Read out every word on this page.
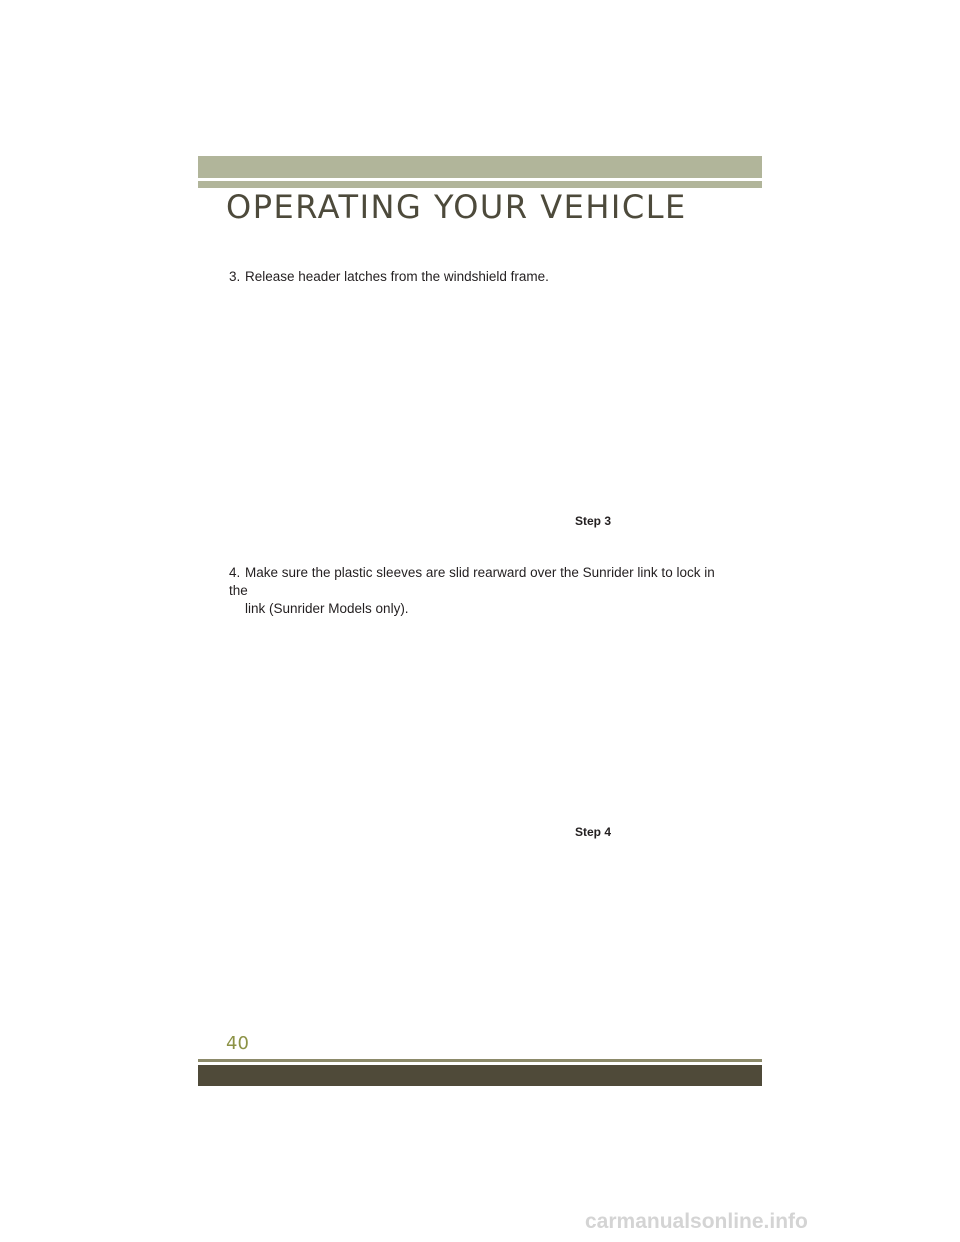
OPERATING YOUR VEHICLE
3. Release header latches from the windshield frame.
Step 3
4. Make sure the plastic sleeves are slid rearward over the Sunrider link to lock in the
link (Sunrider Models only).
Step 4
40
carmanualsonline.info
